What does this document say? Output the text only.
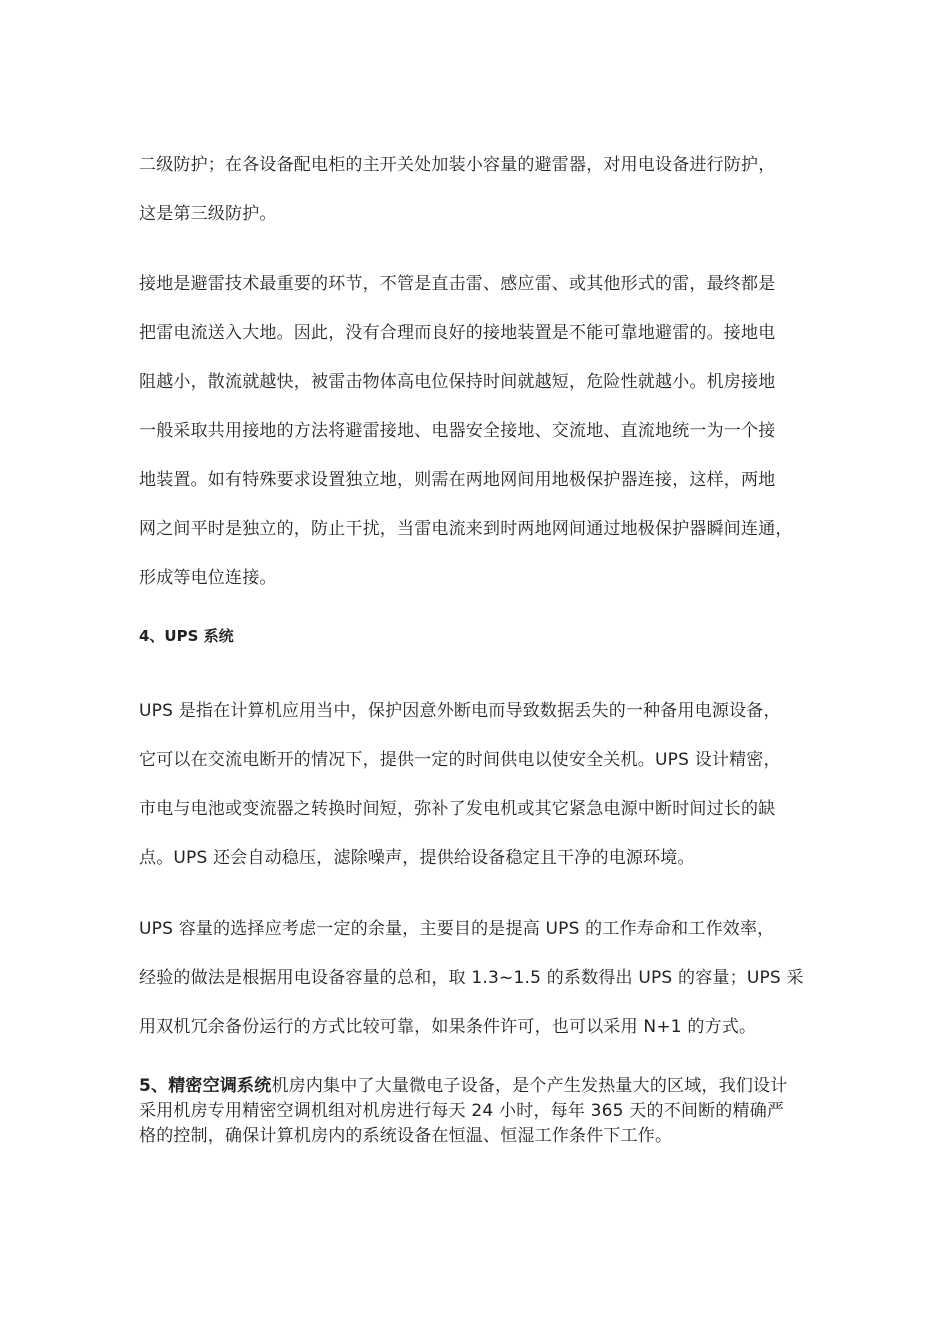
二级防护；在各设备配电柜的主开关处加装小容量的避雷器，对用电设备进行防护，
这是第三级防护。
接地是避雷技术最重要的环节，不管是直击雷、感应雷、或其他形式的雷，最终都是
把雷电流送入大地。因此，没有合理而良好的接地装置是不能可靠地避雷的。接地电
阻越小，散流就越快，被雷击物体高电位保持时间就越短，危险性就越小。机房接地
一般采取共用接地的方法将避雷接地、电器安全接地、交流地、直流地统一为一个接
地装置。如有特殊要求设置独立地，则需在两地网间用地极保护器连接，这样，两地
网之间平时是独立的，防止干扰，当雷电流来到时两地网间通过地极保护器瞬间连通，
形成等电位连接。
4、UPS 系统
UPS 是指在计算机应用当中，保护因意外断电而导致数据丢失的一种备用电源设备，
它可以在交流电断开的情况下，提供一定的时间供电以使安全关机。UPS 设计精密，
市电与电池或变流器之转换时间短，弥补了发电机或其它紧急电源中断时间过长的缺
点。UPS 还会自动稳压，滤除噪声，提供给设备稳定且干净的电源环境。
UPS 容量的选择应考虑一定的余量，主要目的是提高 UPS 的工作寿命和工作效率，
经验的做法是根据用电设备容量的总和，取 1.3~1.5 的系数得出 UPS 的容量；UPS 采
用双机冗余备份运行的方式比较可靠，如果条件许可，也可以采用 N+1 的方式。
5、精密空调系统机房内集中了大量微电子设备，是个产生发热量大的区域，我们设计
采用机房专用精密空调机组对机房进行每天 24 小时，每年 365 天的不间断的精确严
格的控制，确保计算机房内的系统设备在恒温、恒湿工作条件下工作。
